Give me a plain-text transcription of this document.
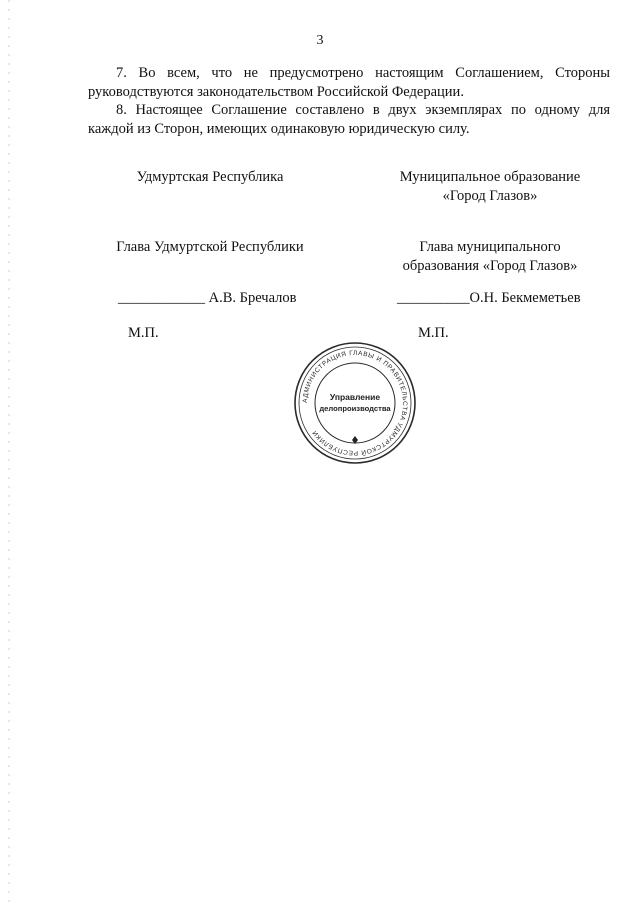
3
7. Во всем, что не предусмотрено настоящим Соглашением, Стороны руководствуются законодательством Российской Федерации.
8. Настоящее Соглашение составлено в двух экземплярах по одному для каждой из Сторон, имеющих одинаковую юридическую силу.
Удмуртская Республика	Муниципальное образование
«Город Глазов»
Глава Удмуртской Республики	Глава муниципального
образования «Город Глазов»
____________ А.В. Бречалов	__________О.Н. Бекмеметьев
М.П.	М.П.
АДМИНИСТРАЦИЯ ГЛАВЫ И ПРАВИТЕЛЬСТВА УДМУРТСКОЙ РЕСПУБЛИКИ
Управление
делопроизводства
